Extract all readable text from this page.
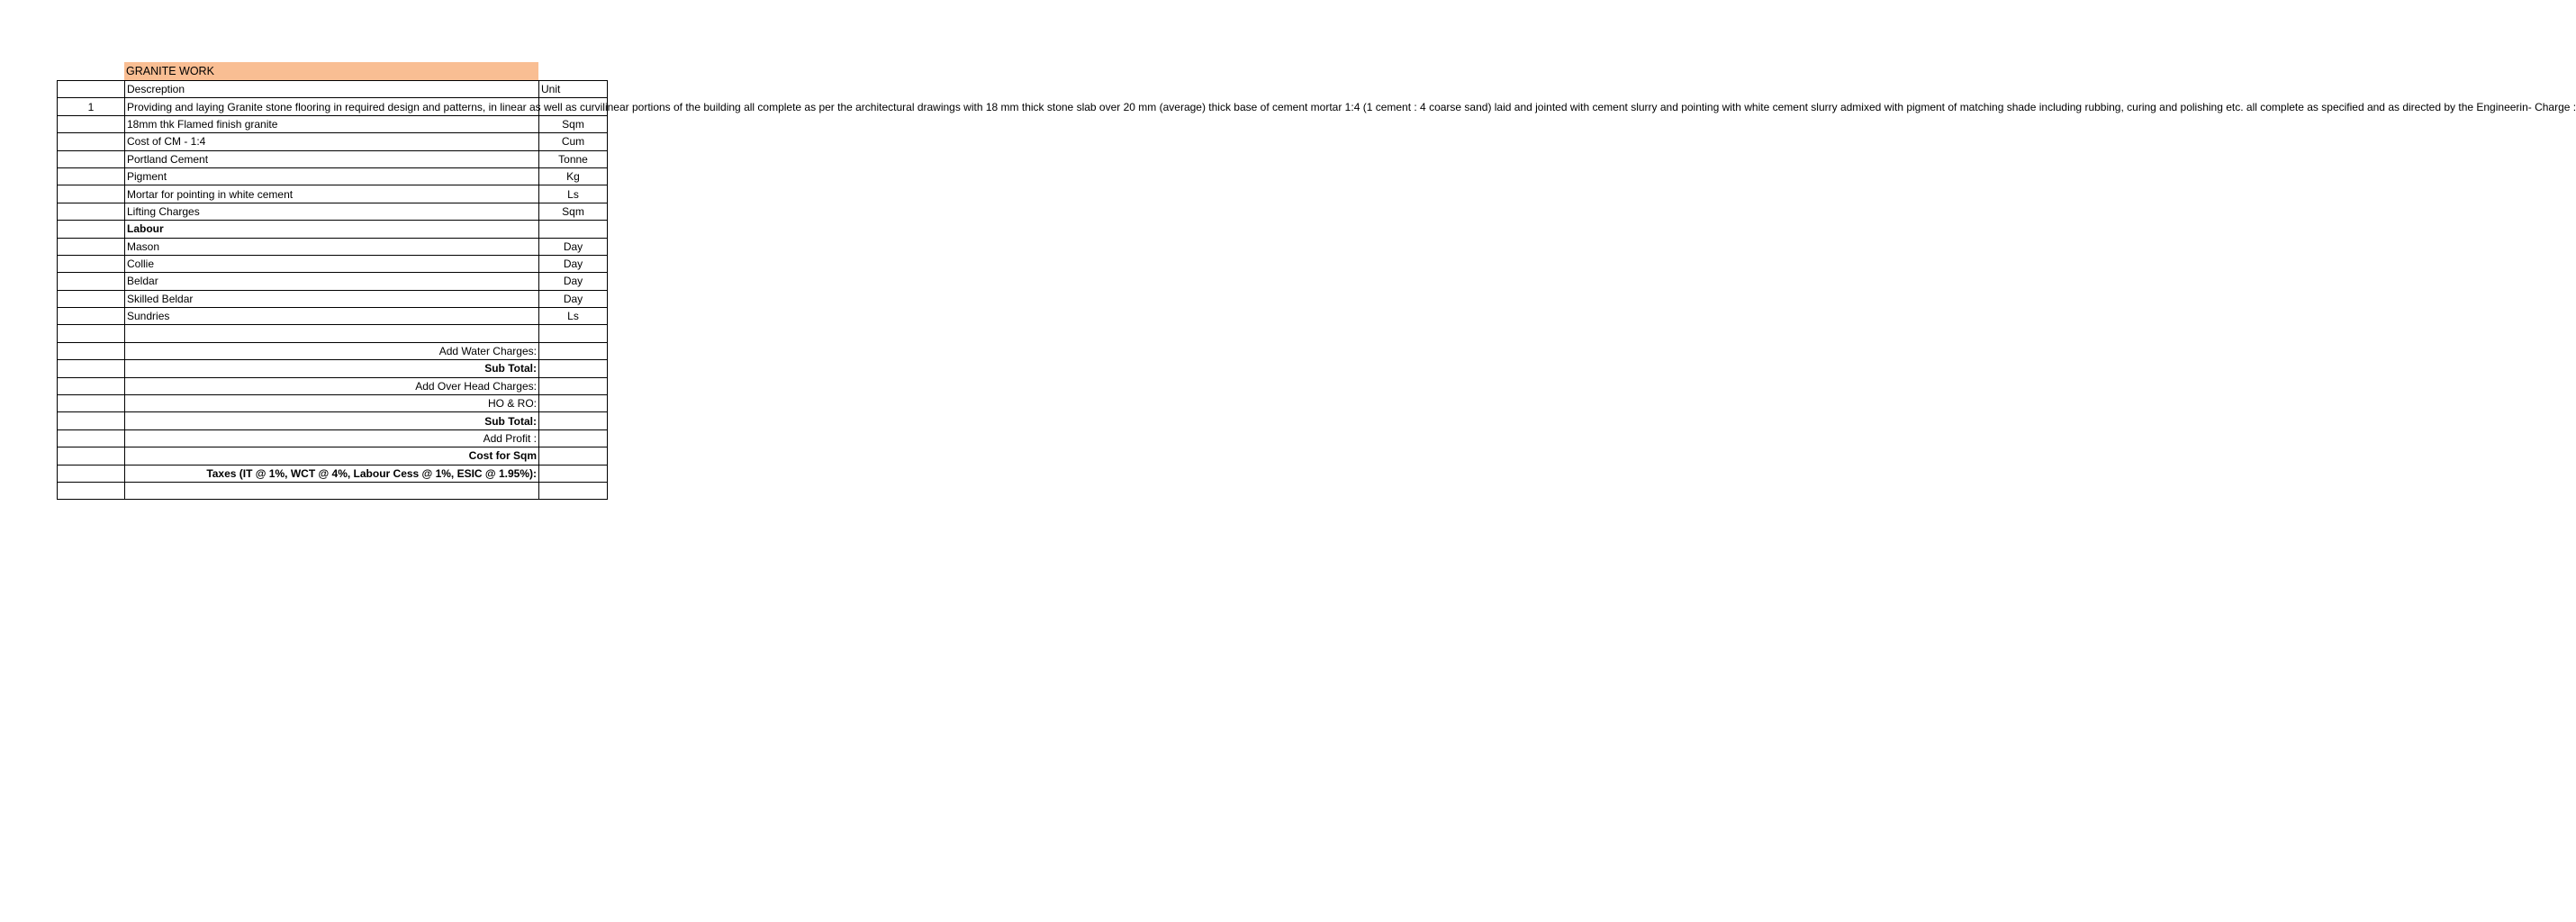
GRANITE WORK
	Descreption	Unit
1	Providing and laying Granite stone flooring in required design and patterns, in linear as well as curvilinear portions of the building all complete as per the architectural drawings with 18 mm thick stone slab over 20 mm (average) thick base of cement mortar 1:4 (1 cement : 4 coarse sand) laid and jointed with cement slurry and pointing with white cement slurry admixed with pigment of matching shade including rubbing, curing and polishing etc. all complete as specified and as directed by the Engineerin- Charge :	
	18mm thk Flamed finish granite	Sqm
	Cost of CM - 1:4	Cum
	Portland Cement	Tonne
	Pigment	Kg
	Mortar for pointing in white cement	Ls
	Lifting Charges	Sqm
	Labour	
	Mason	Day
	Collie	Day
	Beldar	Day
	Skilled Beldar	Day
	Sundries	Ls

	Add Water Charges:	
	Sub Total:	
	Add Over Head Charges:	
	HO & RO:	
	Sub Total:	
	Add Profit :	
	Cost for Sqm	
	Taxes (IT @ 1%, WCT @ 4%, Labour Cess @ 1%, ESIC @ 1.95%):	
